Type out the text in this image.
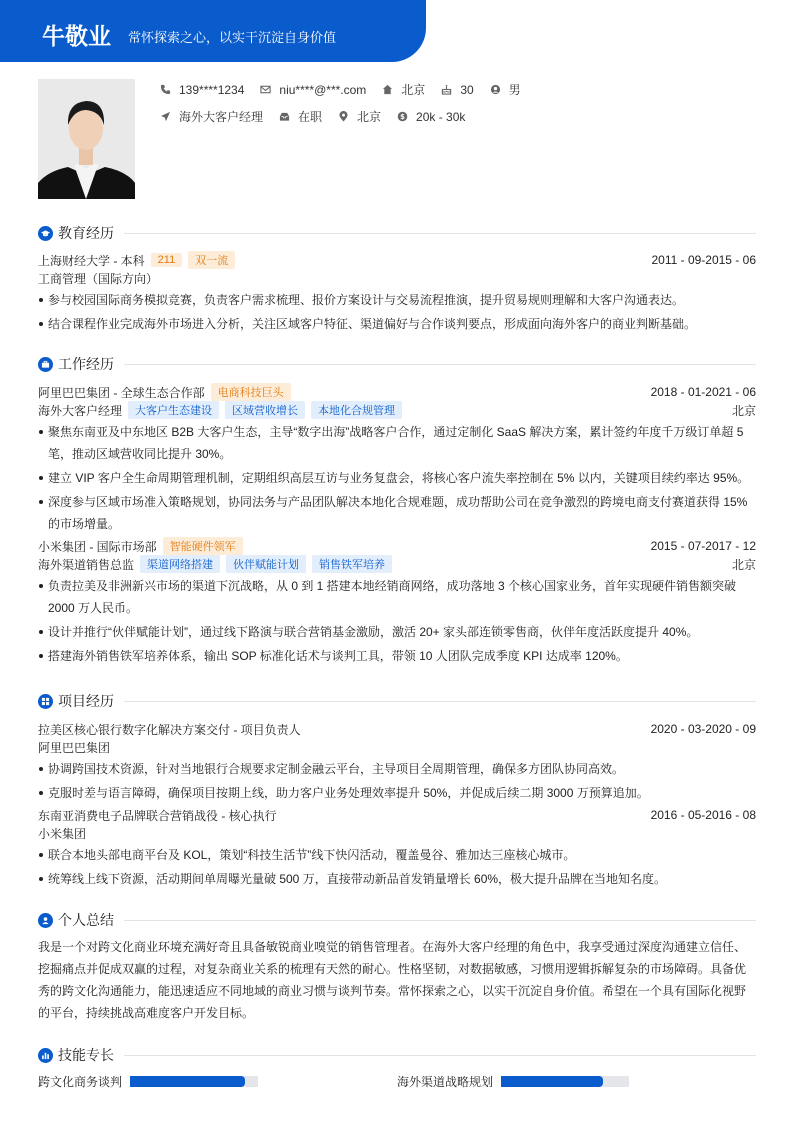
牛敬业 常怀探索之心，以实干沉淀自身价值
139****1234	niu****@***.com	北京	30	男
海外大客户经理	在职	北京	$ 20k - 30k
教育经历
上海财经大学 - 本科	211	双一流	2011 - 09-2015 - 06
工商管理（国际方向）
参与校园国际商务模拟竞赛，负责客户需求梳理、报价方案设计与交易流程推演，提升贸易规则理解和大客户沟通表达。
结合课程作业完成海外市场进入分析，关注区域客户特征、渠道偏好与合作谈判要点，形成面向海外客户的商业判断基础。
工作经历
阿里巴巴集团 - 全球生态合作部	电商科技巨头	2018 - 01-2021 - 06
海外大客户经理	大客户生态建设	区域营收增长	本地化合规管理	北京
聚焦东南亚及中东地区 B2B 大客户生态，主导“数字出海”战略客户合作，通过定制化 SaaS 解决方案，累计签约年度千万级订单超 5 笔，推动区域营收同比提升 30%。
建立 VIP 客户全生命周期管理机制，定期组织高层互访与业务复盘会，将核心客户流失率控制在 5% 以内，关键项目续约率达 95%。
深度参与区域市场准入策略规划，协同法务与产品团队解决本地化合规难题，成功帮助公司在竞争激烈的跨境电商支付赛道获得 15% 的市场增量。
小米集团 - 国际市场部	智能硬件领军	2015 - 07-2017 - 12
海外渠道销售总监	渠道网络搭建	伙伴赋能计划	销售铁军培养	北京
负责拉美及非洲新兴市场的渠道下沉战略，从 0 到 1 搭建本地经销商网络，成功落地 3 个核心国家业务，首年实现硬件销售额突破 2000 万人民币。
设计并推行“伙伴赋能计划”，通过线下路演与联合营销基金激励，激活 20+ 家头部连锁零售商，伙伴年度活跃度提升 40%。
搭建海外销售铁军培养体系，输出 SOP 标准化话术与谈判工具，带领 10 人团队完成季度 KPI 达成率 120%。
项目经历
拉美区核心银行数字化解决方案交付 - 项目负责人	2020 - 03-2020 - 09
阿里巴巴集团
协调跨国技术资源，针对当地银行合规要求定制金融云平台，主导项目全周期管理，确保多方团队协同高效。
克服时差与语言障碍，确保项目按期上线，助力客户业务处理效率提升 50%，并促成后续二期 3000 万预算追加。
东南亚消费电子品牌联合营销战役 - 核心执行	2016 - 05-2016 - 08
小米集团
联合本地头部电商平台及 KOL，策划“科技生活节”线下快闪活动，覆盖曼谷、雅加达三座核心城市。
统筹线上线下资源，活动期间单周曝光量破 500 万，直接带动新品首发销量增长 60%，极大提升品牌在当地知名度。
个人总结

我是一个对跨文化商业环境充满好奇且具备敏锐商业嗅觉的销售管理者。在海外大客户经理的角色中，我享受通过深度沟通建立信任、挖掘痛点并促成双赢的过程，对复杂商业关系的梳理有天然的耐心。性格坚韧，对数据敏感，习惯用逻辑拆解复杂的市场障碍。具备优秀的跨文化沟通能力，能迅速适应不同地域的商业习惯与谈判节奏。常怀探索之心，以实干沉淀自身价值。希望在一个具有国际化视野的平台，持续挑战高难度客户开发目标。

技能专长
跨文化商务谈判	海外渠道战略规划
